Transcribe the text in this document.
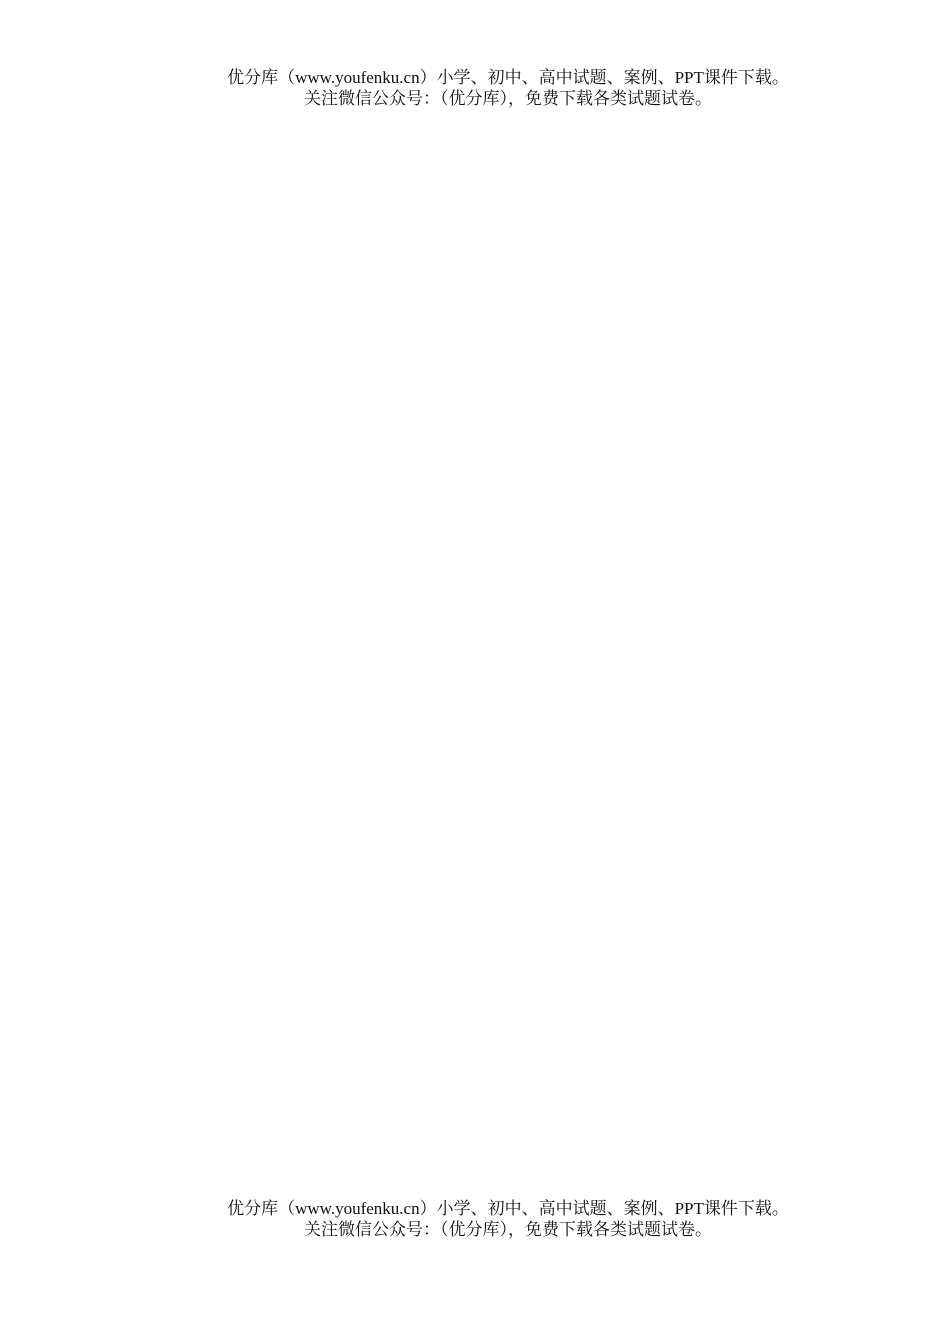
优分库（www.youfenku.cn）小学、初中、高中试题、案例、PPT课件下载。
关注微信公众号：（优分库），免费下载各类试题试卷。
优分库（www.youfenku.cn）小学、初中、高中试题、案例、PPT课件下载。
关注微信公众号：（优分库），免费下载各类试题试卷。
